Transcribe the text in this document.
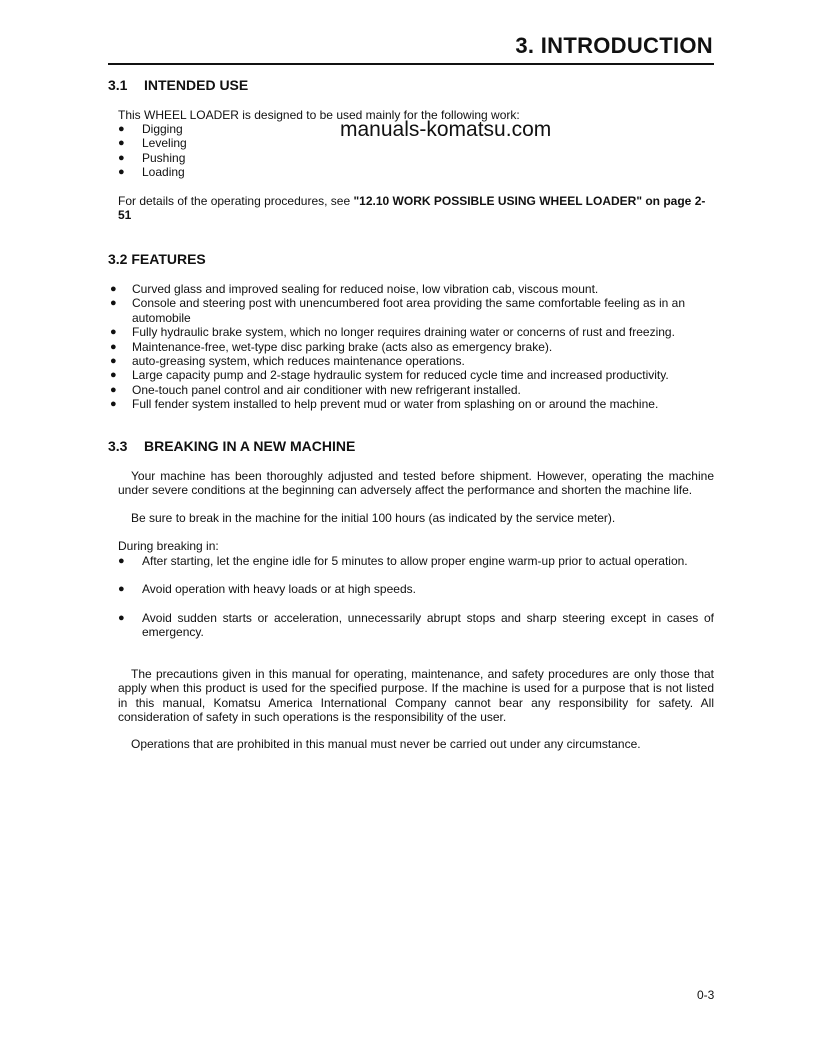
3. INTRODUCTION
manuals-komatsu.com
3.1 INTENDED USE
This WHEEL LOADER is designed to be used mainly for the following work:
● Digging
● Leveling
● Pushing
● Loading
For details of the operating procedures, see "12.10 WORK POSSIBLE USING WHEEL LOADER" on page 2-51
3.2 FEATURES
● Curved glass and improved sealing for reduced noise, low vibration cab, viscous mount.
● Console and steering post with unencumbered foot area providing the same comfortable feeling as in an automobile
● Fully hydraulic brake system, which no longer requires draining water or concerns of rust and freezing.
● Maintenance-free, wet-type disc parking brake (acts also as emergency brake).
● auto-greasing system, which reduces maintenance operations.
● Large capacity pump and 2-stage hydraulic system for reduced cycle time and increased productivity.
● One-touch panel control and air conditioner with new refrigerant installed.
● Full fender system installed to help prevent mud or water from splashing on or around the machine.
3.3 BREAKING IN A NEW MACHINE
Your machine has been thoroughly adjusted and tested before shipment. However, operating the machine under severe conditions at the beginning can adversely affect the performance and shorten the machine life.
Be sure to break in the machine for the initial 100 hours (as indicated by the service meter).
During breaking in:
● After starting, let the engine idle for 5 minutes to allow proper engine warm-up prior to actual operation.
● Avoid operation with heavy loads or at high speeds.
● Avoid sudden starts or acceleration, unnecessarily abrupt stops and sharp steering except in cases of emergency.
The precautions given in this manual for operating, maintenance, and safety procedures are only those that apply when this product is used for the specified purpose. If the machine is used for a purpose that is not listed in this manual, Komatsu America International Company cannot bear any responsibility for safety. All consideration of safety in such operations is the responsibility of the user.
Operations that are prohibited in this manual must never be carried out under any circumstance.
0-3
